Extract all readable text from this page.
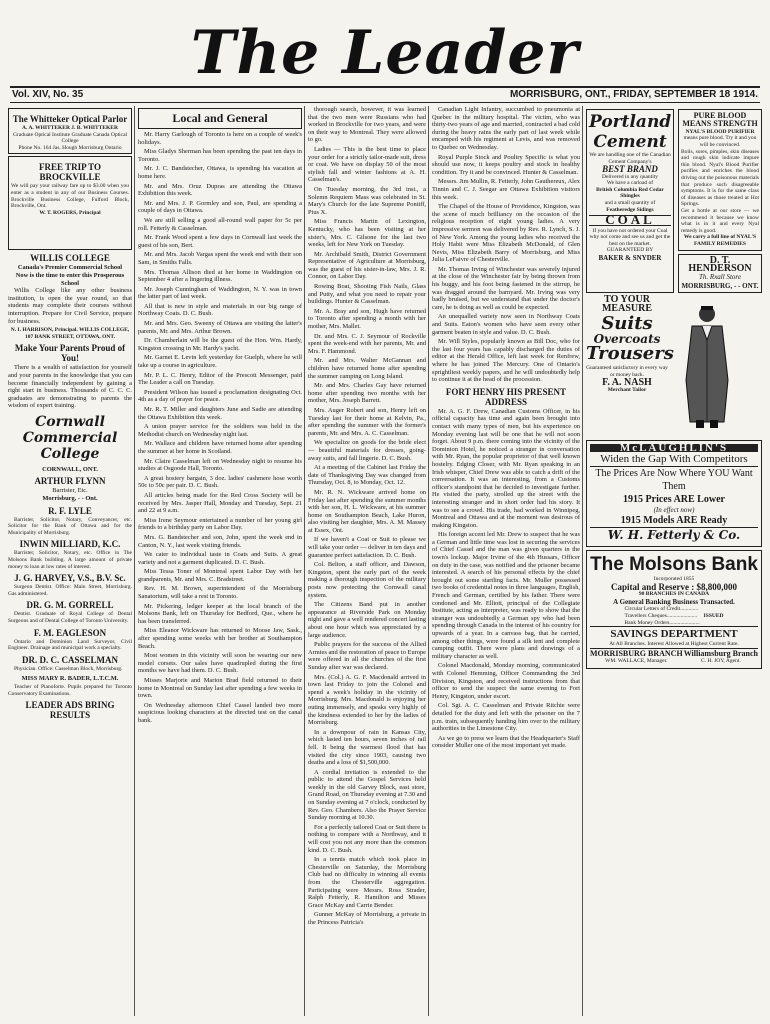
The Leader
Vol. XIV, No. 35	MORRISBURG, ONT., FRIDAY, SEPTEMBER 18 1914.
The Whitteker Optical Parlor
A. A. WHITTEKER J. B. WHITTEKER
Graduate Optical Institute Graduate Canada Optical College
Phone No. 164 Jas. Hough Morrisburg Ontario
FREE TRIP TO BROCKVILLE
We will pay your railway fare up to $3.00 when you enter as a student in any of our Business Courses. Brockville Business College, Fulford Block, Brockville, Ont.
W. T. ROGERS, Principal
WILLIS COLLEGE
Canada's Premier Commercial School
Now is the time to enter this Prosperous School
Willis College like any other business institution, is open the year round, so that students may complete their courses without interruption. Prepare for Civil Service, prepare for business.
N. I. HARRISON, Principal. WILLIS COLLEGE, 107 BANK STREET, OTTAWA, ONT.
Make Your Parents Proud of You!
There is a wealth of satisfaction for yourself and your parents in the knowledge that you can become financially independent by gaining a right start in business. Thousands of C. C. C. graduates are demonstrating to parents the wisdom of expert training.
Cornwall Commercial College
CORNWALL, ONT.
ARTHUR FLYNN
Barrister, Etc.
Morrisburg, - - Ont.
R. F. LYLE
Barrister, Solicitor, Notary, Conveyancer, etc. Solicitor for the Bank of Ottawa and for the Municipality of Morrisburg.
INWIN MILLIARD, K.C.
Barrister, Solicitor, Notary, etc. Office in The Molsons Bank building. A large amount of private money to loan at low rates of interest.
J. G. HARVEY, V.S., B.V. Sc.
Surgeon Dentist. Office: Main Street, Morrisburg. Gas administered.
DR. G. M. GORRELL
Dentist. Graduate of Royal College of Dental Surgeons and of Dental College of Toronto University.
F. M. EAGLESON
Ontario and Dominion Land Surveyor, Civil Engineer. Drainage and municipal work a specialty.
DR. D. C. CASSELMAN
Physician. Office: Casselman Block, Morrisburg.
MISS MARY R. BADER, L.T.C.M.
Teacher of Pianoforte. Pupils prepared for Toronto Conservatory Examinations.
LEADER ADS BRING RESULTS
Local and General
Mr. Harry Garlough of Toronto is here on a couple of week's holidays.
Miss Gladys Sherman has been spending the past ten days in Toronto.
Mr. J. C. Bandstecher, Ottawa, is spending his vacation at home here.
Mr. and Mrs. Oruz Dupras are attending the Ottawa Exhibition this week.
Mr. and Mrs. J. P. Gormley and son, Paul, are spending a couple of days in Ottawa.
We are still selling a good all-round wall paper for 5c per roll. Fetterly & Casselman.
Mr. Frank Wood spent a few days in Cornwall last week the guest of his son, Bert.
Mr. and Mrs. Jacob Vargas spent the week end with their son Sam, in Smiths Falls.
Mrs. Thomas Allison died at her home in Waddington on September 4 after a lingering illness.
Mr. Joseph Cunningham of Waddington, N. Y. was in town the latter part of last week.
All that is new in style and materials in our big range of Northway Coats. D. C. Bush.
Mr. and Mrs. Geo. Sweeny of Ottawa are visiting the latter's parents, Mr. and Mrs. Arthur Brown.
Dr. Chamberlain will be the guest of the Hon. Wm. Hardy, Kingston crossing in Mr. Hardy's yacht.
Mr. Garnet E. Levin left yesterday for Guelph, where he will take up a course in agriculture.
Mr. P. L. C. Henry, Editor of the Prescott Messenger, paid The Leader a call on Tuesday.
President Wilson has issued a proclamation designating Oct. 4th as a day of prayer for peace.
Mr. R. T. Miller and daughters June and Sadie are attending the Ottawa Exhibition this week.
A union prayer service for the soldiers was held in the Methodist church on Wednesday night last.
Mr. Wallace and children have returned home after spending the summer at her home in Scotland.
Mr. Claire Casselman left on Wednesday night to resume his studies at Osgoode Hall, Toronto.
A great hosiery bargain, 3 doz. ladies' cashmere hose worth 50c to 50c per pair. D. C. Bush.
All articles being made for the Red Cross Society will be received by Mrs. Jasper Hall, Monday and Tuesday, Sept. 21 and 22 at 9 a.m.
Miss Irene Seymour entertained a number of her young girl friends to a birthday party on Labor Day.
Mrs. G. Bandstecher and son, John, spent the week end in Canton, N. Y., last week visiting friends.
We cater to individual taste in Coats and Suits. A great variety and not a garment duplicated. D. C. Bush.
Miss Tessa Toner of Montreal spent Labor Day with her grandparents, Mr. and Mrs. C. Bradstreet.
Rev. H. M. Brown, superintendent of the Morrisburg Sanatorium, will take a rest in Toronto.
Mr. Pickering, ledger keeper at the local branch of the Molsons Bank, left on Thursday for Bedford, Que., where he has been transferred.
Miss Eleanor Wickware has returned to Moose Jaw, Sask., after spending some weeks with her brother at Southampton Beach.
Most women in this vicinity will soon be wearing our new model corsets. Our sales have quadrupled during the first months we have had them. D. C. Bush.
Misses Marjorie and Marion Brad field returned to their home in Montreal on Sunday last after spending a few weeks in town.
On Wednesday afternoon Chief Cassel landed two more suspicious looking characters at the directed test on the canal bank.
thorough search, however, it was learned that the two men were Russians who had worked in Brockville for two years, and were on their way to Montreal. They were allowed to go.
Ladies — This is the best time to place your order for a strictly tailor-made suit, dress or coat. We have on display 50 of the most stylish fall and winter fashions at A. H. Casselman's.
On Tuesday morning, the 3rd inst., a Solemn Requiem Mass was celebrated in St. Mary's Church for the late Supreme Pontiff, Pius X.
Miss Francis Martin of Lexington, Kentucky, who has been visiting at her sister's, Mrs. C. Gilsone for the last two weeks, left for New York on Tuesday.
Mr. Archibald Smith, District Government Representative of Agriculture at Morrisburg, was the guest of his sister-in-law, Mrs. J. R. Connor, on Labor Day.
Rowing Boat, Shooting Fish Nails, Glass and Putty, and what you need to repair your buildings. Hunter & Casselman.
Mr. A. Bray and son, Hugh have returned to Toronto after spending a month with her mother, Mrs. Mallet.
Dr. and Mrs. C. J. Seymour of Rockville spent the week-end with her parents, Mr. and Mrs. F. Hammond.
Mr. and Mrs. Walter McGannan and children have returned home after spending the summer camping on Long Island.
Mr. and Mrs. Charles Gay have returned home after spending two months with her mother, Mrs. Joseph Barrett.
Mrs. Auger Robert and son, Henry left on Tuesday last for their home at Kelvin, Pa., after spending the summer with the former's parents, Mr. and Mrs. A. C. Casselman.
We specialize on goods for the bride elect — beautiful materials for dresses, going-away suits, and fall lingerie. D. C. Bush.
At a meeting of the Cabinet last Friday the date of Thanksgiving Day was changed from Thursday, Oct. 8, to Monday, Oct. 12.
Mr. R. N. Wickware arrived home on Friday last after spending the summer months with her son, H. L. Wickware, at his summer home on Southampton Beach, Lake Huron, also visiting her daughter, Mrs. A. M. Massey at Essex, Ont.
If we haven't a Coat or Suit to please we will take your order — deliver in ten days and guarantee perfect satisfaction. D. C. Bush.
Col. Belton, a staff officer, and Dawson, Kingston, spent the early part of the week making a thorough inspection of the military posts now protecting the Cornwall canal system.
The Citizens Band put in another appearance at Riverside Park on Monday night and gave a well rendered concert lasting about one hour which was appreciated by a large audience.
Public prayers for the success of the Allied Armies and the restoration of peace to Europe were offered in all the churches of the first Sunday after war was declared.
Mrs. (Col.) A. G. F. Macdonald arrived in town last Friday to join the Colonel and spend a week's holiday in the vicinity of Morrisburg. Mrs. Macdonald is enjoying her outing immensely, and speaks very highly of the kindness extended to her by the ladies of Morrisburg.
In a downpour of rain in Kansas City, which lasted ten hours, seven inches of rail fell. It being the warmest flood that has visited the city since 1903, causing two deaths and a loss of $1,500,000.
A cordial invitation is extended to the public to attend the Gospel Services held weekly in the old Garvey Block, east store, Grand Road, on Thursday evening at 7.30 and on Sunday evening at 7 o'clock, conducted by Rev. Geo. Chambers. Also the Prayer Service Sunday morning at 10.30.
For a perfectly tailored Coat or Suit there is nothing to compare with a Northway, and it will cost you not any more than the common kind. D. C. Bush.
In a tennis match which took place in Chesterville on Saturday, the Morrisburg Club had no difficulty in winning all events from the Chesterville aggregation. Participating were Messrs. Ross Strader, Ralph Fetterly, R. Hamilton and Misses Grace McKay and Carrie Bender.
Gunner McKay of Morrisburg, a private in the Princess Patricia's
Canadian Light Infantry, succumbed to pneumonia at Quebec in the military hospital. The victim, who was thirty-two years of age and married, contracted a bad cold during the heavy rains the early part of last week while encamped with his regiment at Levis, and was removed to Quebec on Wednesday.
Royal Purple Stock and Poultry Specific is what you should use now, it keeps poultry and stock in healthy condition. Try it and be convinced. Hunter & Casselman.
Messrs. Jim Mullin, R. Fetterly, John Gauthereux, Alex Tinnin and C. J. Seegar are Ottawa Exhibition visitors this week.
The Chapel of the House of Providence, Kingston, was the scene of much brilliancy on the occasion of the religious reception of eight young ladies. A very impressive sermon was delivered by Rev. R. Lynch, S. J. of New York. Among the young ladies who received the Holy Habit were Miss Elizabeth McDonald, of Glen Nevis, Miss Elizabeth Barry of Morrisburg, and Miss Julia LeFaivre of Chesterville.
Mr. Thomas Irving of Winchester was severely injured at the close of the Winchester fair by being thrown from his buggy, and his foot being fastened in the stirrup, he was dragged around the barnyard. Mr. Irving was very badly bruised, but we understand that under the doctor's care, he is doing as well as could be expected.
An unequalled variety now seen in Northway Coats and Suits. Eaton's women who have seen every other garment beaten in style and value. D. C. Bush.
Mr. Will Styles, popularly known as Bill Doc, who for the last four years has capably discharged the duties of editor at the Herald Office, left last week for Renfrew, where he has joined The Mercury. One of Ontario's sprightliest weekly papers, and he will undoubtedly help to continue it at the head of the procession.
FORT HENRY HIS PRESENT ADDRESS
Mr. A. G. F. Drew, Canadian Customs Officer, in his official capacity has time and again been brought into contact with many types of men, but his experience on Monday evening last will be one that he will not soon forget. About 9 p.m. there coming into the vicinity of the Dominion Hotel, he noticed a stranger in conversation with Mr. Ryan, the popular proprietor of that well known hostelry. Edging Closer, with Mr. Ryan speaking in an Irish whisper, Chief Drew was able to catch a drift of the conversation. It was an interesting, from a Customs officer's standpoint that he decided to investigate further. He visited the party, strolled up the street with the interesting stranger and in short order had his story. It was to see a crowd. His trade, had worked in Winnipeg, Montreal and Ottawa and at the moment was desirous of making Kingston.
His foreign accent led Mr. Drew to suspect that he was a German and little time was lost in securing the services of Chief Cassel and the man was given quarters in the town's lockup. Major Irvine of the 4th Hussars, Officer on duty in the case, was notified and the prisoner became interested. A search of his personal effects by the chief brought out some startling facts. Mr. Muller possessed two books of credential notes in three languages, English, French and German, certified by his father. There were condoned and Mr. Elliott, principal of the Collegiate Institute, acting as interpreter, was ready to show that the stranger was undoubtedly a German spy who had been spending through Canada in the interest of his country for upwards of a year. In a canvass bag, that he carried, among other things, were found a silk tent and complete camping outfit. There were plans and drawings of a military character as well.
Colonel Macdonald, Monday morning, communicated with Colonel Hemming, Officer Commanding the 3rd Division, Kingston, and received instructions from that officer to send the suspect the same evening to Fort Henry, Kingston, under escort.
Col. Sgt. A. C. Casselman and Private Ritchie were detailed for the duty and left with the prisoner on the 7 p.m. train, subsequently handing him over to the military authorities in the Limestone City.
As we go to press we learn that the Headquarter's Staff consider Muller one of the most important yet made.
Portland Cement
We are handling one of the Canadian Cement Company's
BEST BRAND
Delivered in any quantity
We have a carload of
British Columbia Red Cedar Shingles
and a small quantity of
Featheredge Sidings
COAL
If you have not ordered your Coal why not come and see us and get the best on the market.
GUARANTEED BY
BAKER & SNYDER
PURE BLOOD MEANS STRENGTH
NYAL'S BLOOD PURIFIER
means pure blood. Try it and you will be convinced.
Boils, sores, pimples, skin diseases and rough skin indicate impure thin blood. Nyal's Blood Purifier purifies and enriches the blood driving out the poisonous materials that produce such disagreeable symptoms. It is for the same class of diseases as those treated at Hot Springs.
Get a bottle at our store — we recommend it because we know what is in it and every Nyal remedy is good.
We carry a full line of NYAL'S FAMILY REMEDIES
D. T. HENDERSON
Th. Rxall Store
MORRISBURG, - - ONT.
TO YOUR MEASURE
Suits
Overcoats
Trousers
Guaranteed satisfactory in every way or money back.
F. A. NASH
Merchant Tailor
McLAUGHLIN'S
Widen the Gap With Competitors
The Prices Are Now Where YOU Want Them
1915 Prices ARE Lower
(In effect now)
1915 Models ARE Ready
W. H. Fetterly & Co.
The Molsons Bank
Incorporated 1855
Capital and Reserve : $8,800,000
90 BRANCHES IN CANADA
A General Banking Business Transacted.
Circular Letters of Credit.............
Travellers Cheques......................
Bank Money Orders......................
ISSUED
SAVINGS DEPARTMENT
At All Branches. Interest Allowed at Highest Current Rate.
MORRISBURG BRANCH
WM. WALLACE, Manager.
Williamsburg Branch
C. H. JOY, Agent.
